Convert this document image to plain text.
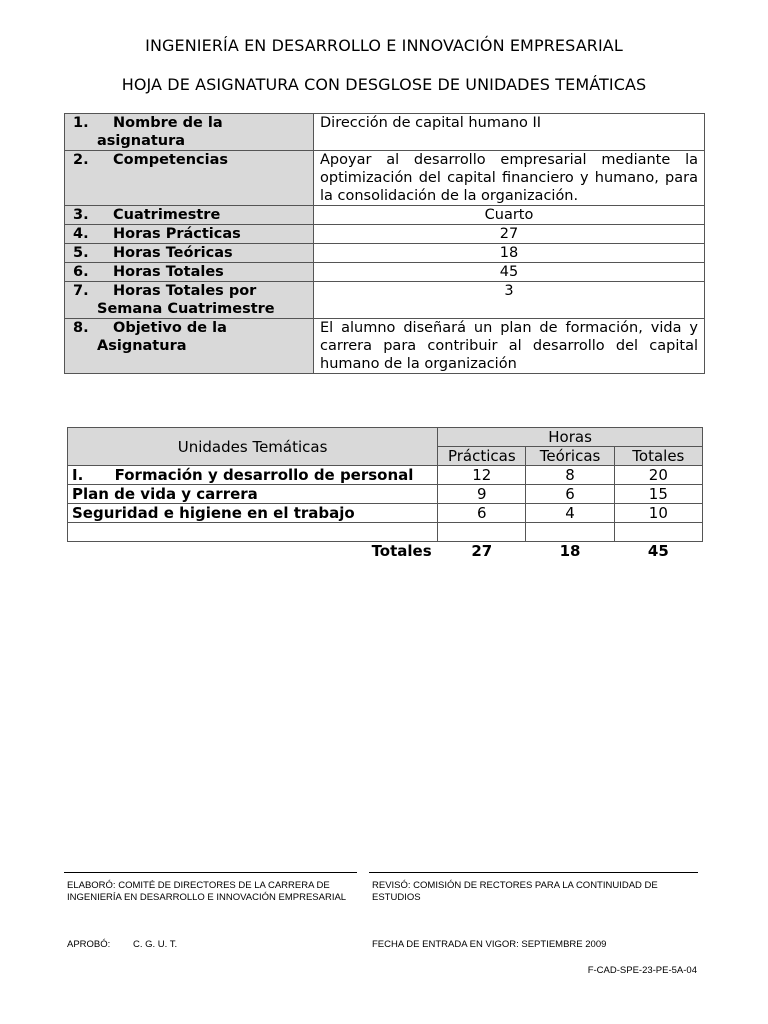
INGENIERÍA EN DESARROLLO E INNOVACIÓN EMPRESARIAL
HOJA DE ASIGNATURA CON DESGLOSE DE UNIDADES TEMÁTICAS
1. Nombre de la
asignatura	Dirección de capital humano II
2. Competencias	Apoyar al desarrollo empresarial mediante la optimización del capital financiero y humano, para la consolidación de la organización.
3. Cuatrimestre	Cuarto
4. Horas Prácticas	27
5. Horas Teóricas	18
6. Horas Totales	45
7. Horas Totales por
Semana Cuatrimestre	3
8. Objetivo de la
Asignatura	El alumno diseñará un plan de formación, vida y carrera para contribuir al desarrollo del capital humano de la organización
Unidades Temáticas	Horas		
	Prácticas	Teóricas	Totales
I.      Formación y desarrollo de personal	12	8	20
Plan de vida y carrera	9	6	15
Seguridad e higiene en el trabajo	6	4	10

Totales	27	18	45
ELABORÓ: COMITÉ DE DIRECTORES DE LA CARRERA DE INGENIERÍA EN DESARROLLO E INNOVACIÓN EMPRESARIAL
REVISÓ: COMISIÓN DE RECTORES PARA LA CONTINUIDAD DE ESTUDIOS
APROBÓ: C. G. U. T.	FECHA DE ENTRADA EN VIGOR: SEPTIEMBRE 2009
F-CAD-SPE-23-PE-5A-04
